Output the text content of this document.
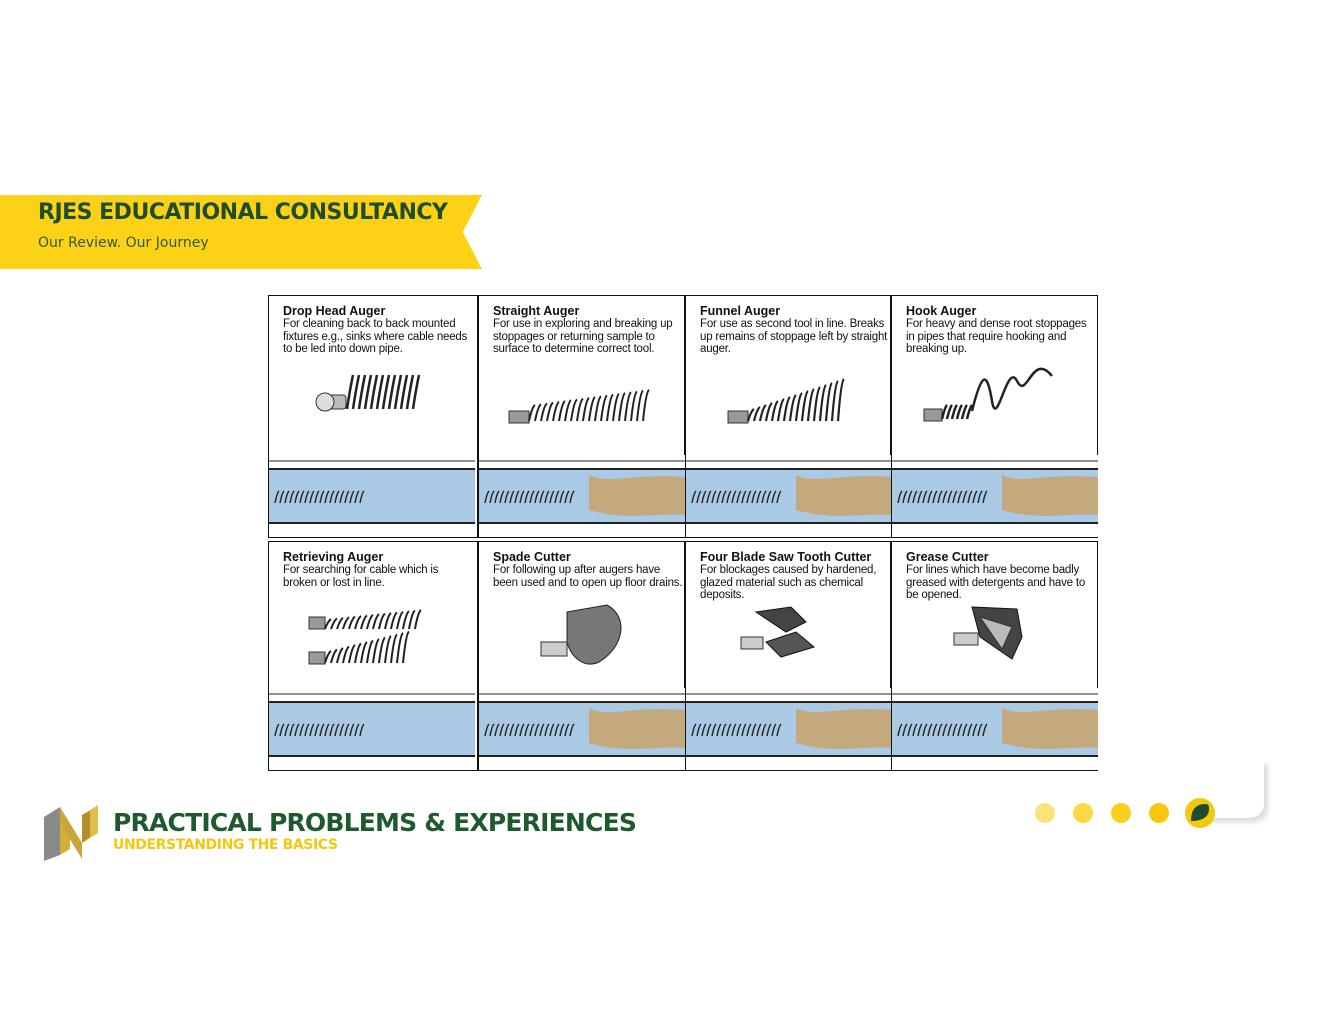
RJES EDUCATIONAL CONSULTANCY
Our Review. Our Journey
Drop Head Auger
For cleaning back to back mounted fixtures e.g., sinks where cable needs to be led into down pipe.
Straight Auger
For use in exploring and breaking up stoppages or returning sample to surface to determine correct tool.
Funnel Auger
For use as second tool in line. Breaks up remains of stoppage left by straight auger.
Hook Auger
For heavy and dense root stoppages in pipes that require hooking and breaking up.
Retrieving Auger
For searching for cable which is broken or lost in line.
Spade Cutter
For following up after augers have been used and to open up floor drains.
Four Blade Saw Tooth Cutter
For blockages caused by hardened, glazed material such as chemical deposits.
Grease Cutter
For lines which have become badly greased with detergents and have to be opened.
PRACTICAL PROBLEMS & EXPERIENCES
UNDERSTANDING THE BASICS
